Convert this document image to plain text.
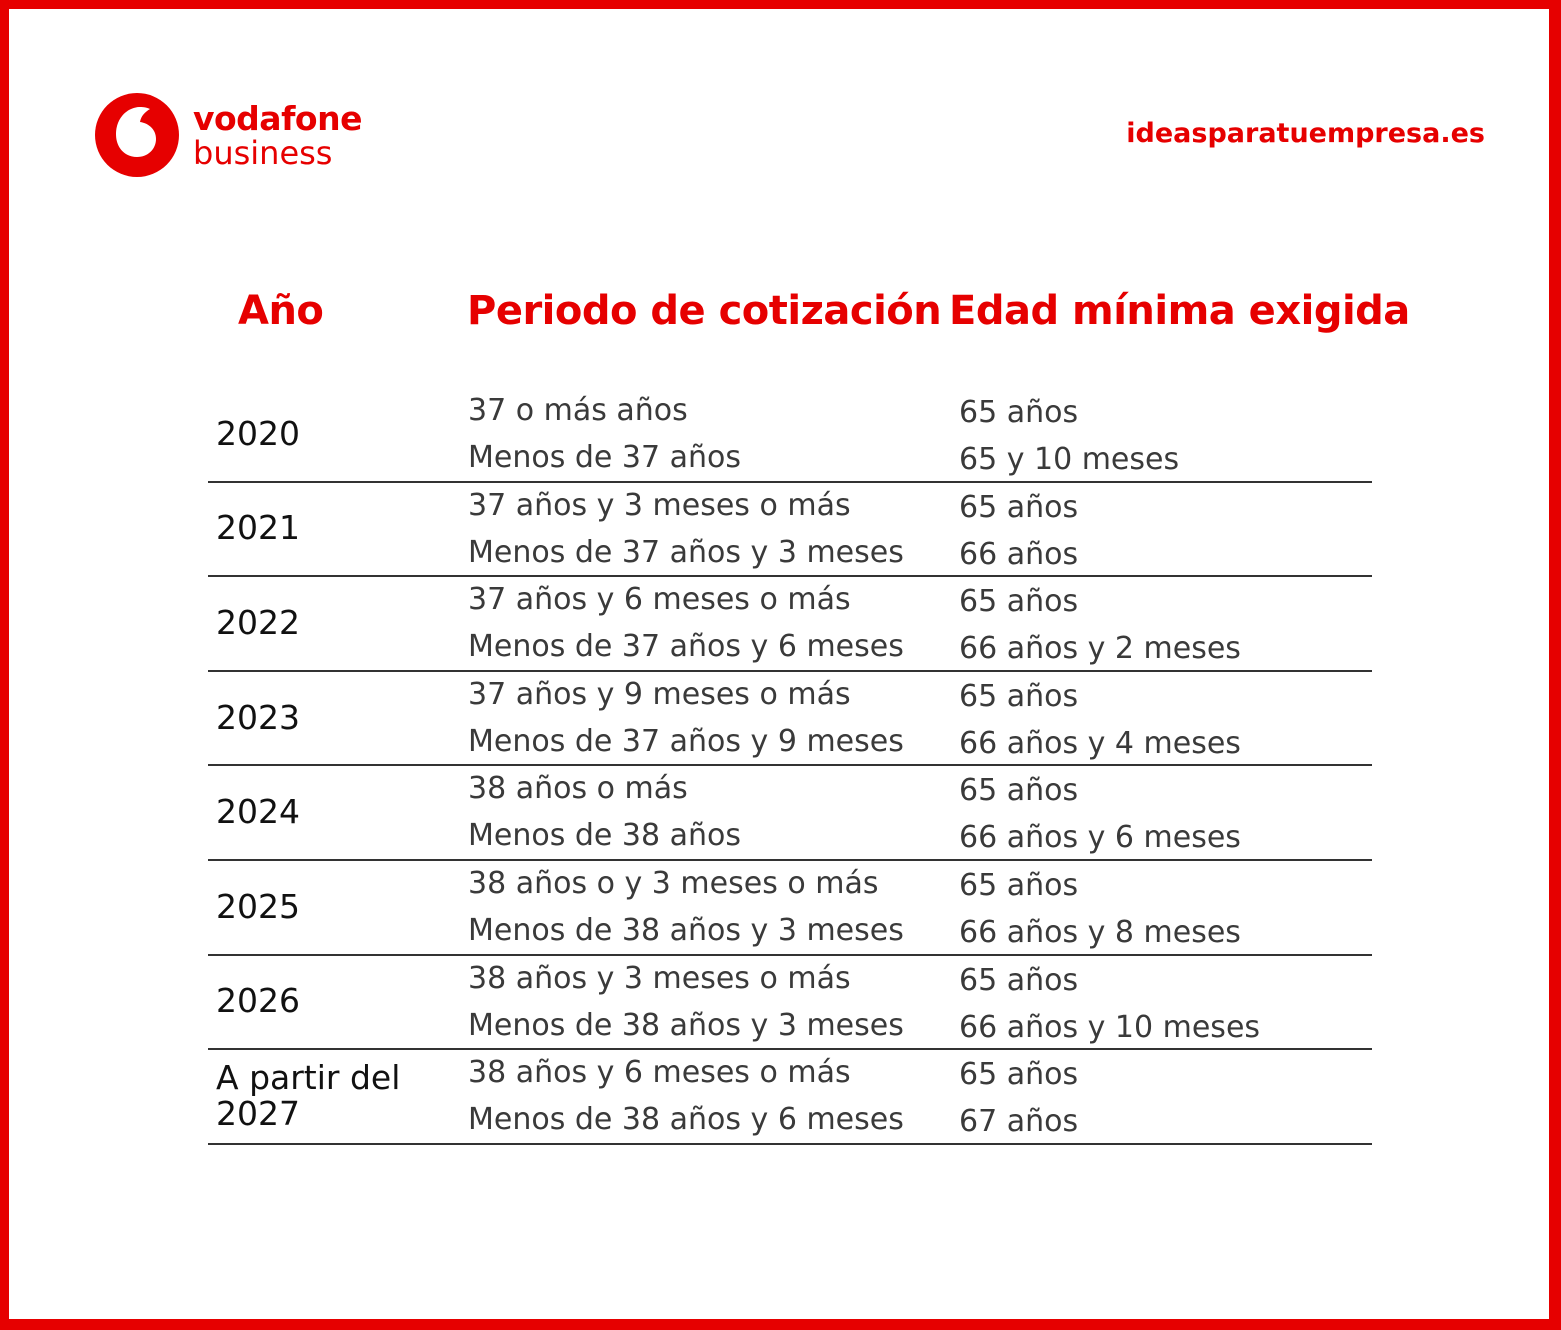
vodafone
business	ideasparatuempresa.es
Año	Periodo de cotización Edad mínima exigida
2020
37 o más años
Menos de 37 años
65 años
65 y 10 meses
2021
37 años y 3 meses o más
Menos de 37 años y 3 meses
65 años
66 años
2022
37 años y 6 meses o más
Menos de 37 años y 6 meses
65 años
66 años y 2 meses
2023
37 años y 9 meses o más
Menos de 37 años y 9 meses
65 años
66 años y 4 meses
2024
38 años o más
Menos de 38 años
65 años
66 años y 6 meses
2025
38 años o y 3 meses o más
Menos de 38 años y 3 meses
65 años
66 años y 8 meses
2026
38 años y 3 meses o más
Menos de 38 años y 3 meses
65 años
66 años y 10 meses
A partir del 2027
38 años y 6 meses o más
Menos de 38 años y 6 meses
65 años
67 años
